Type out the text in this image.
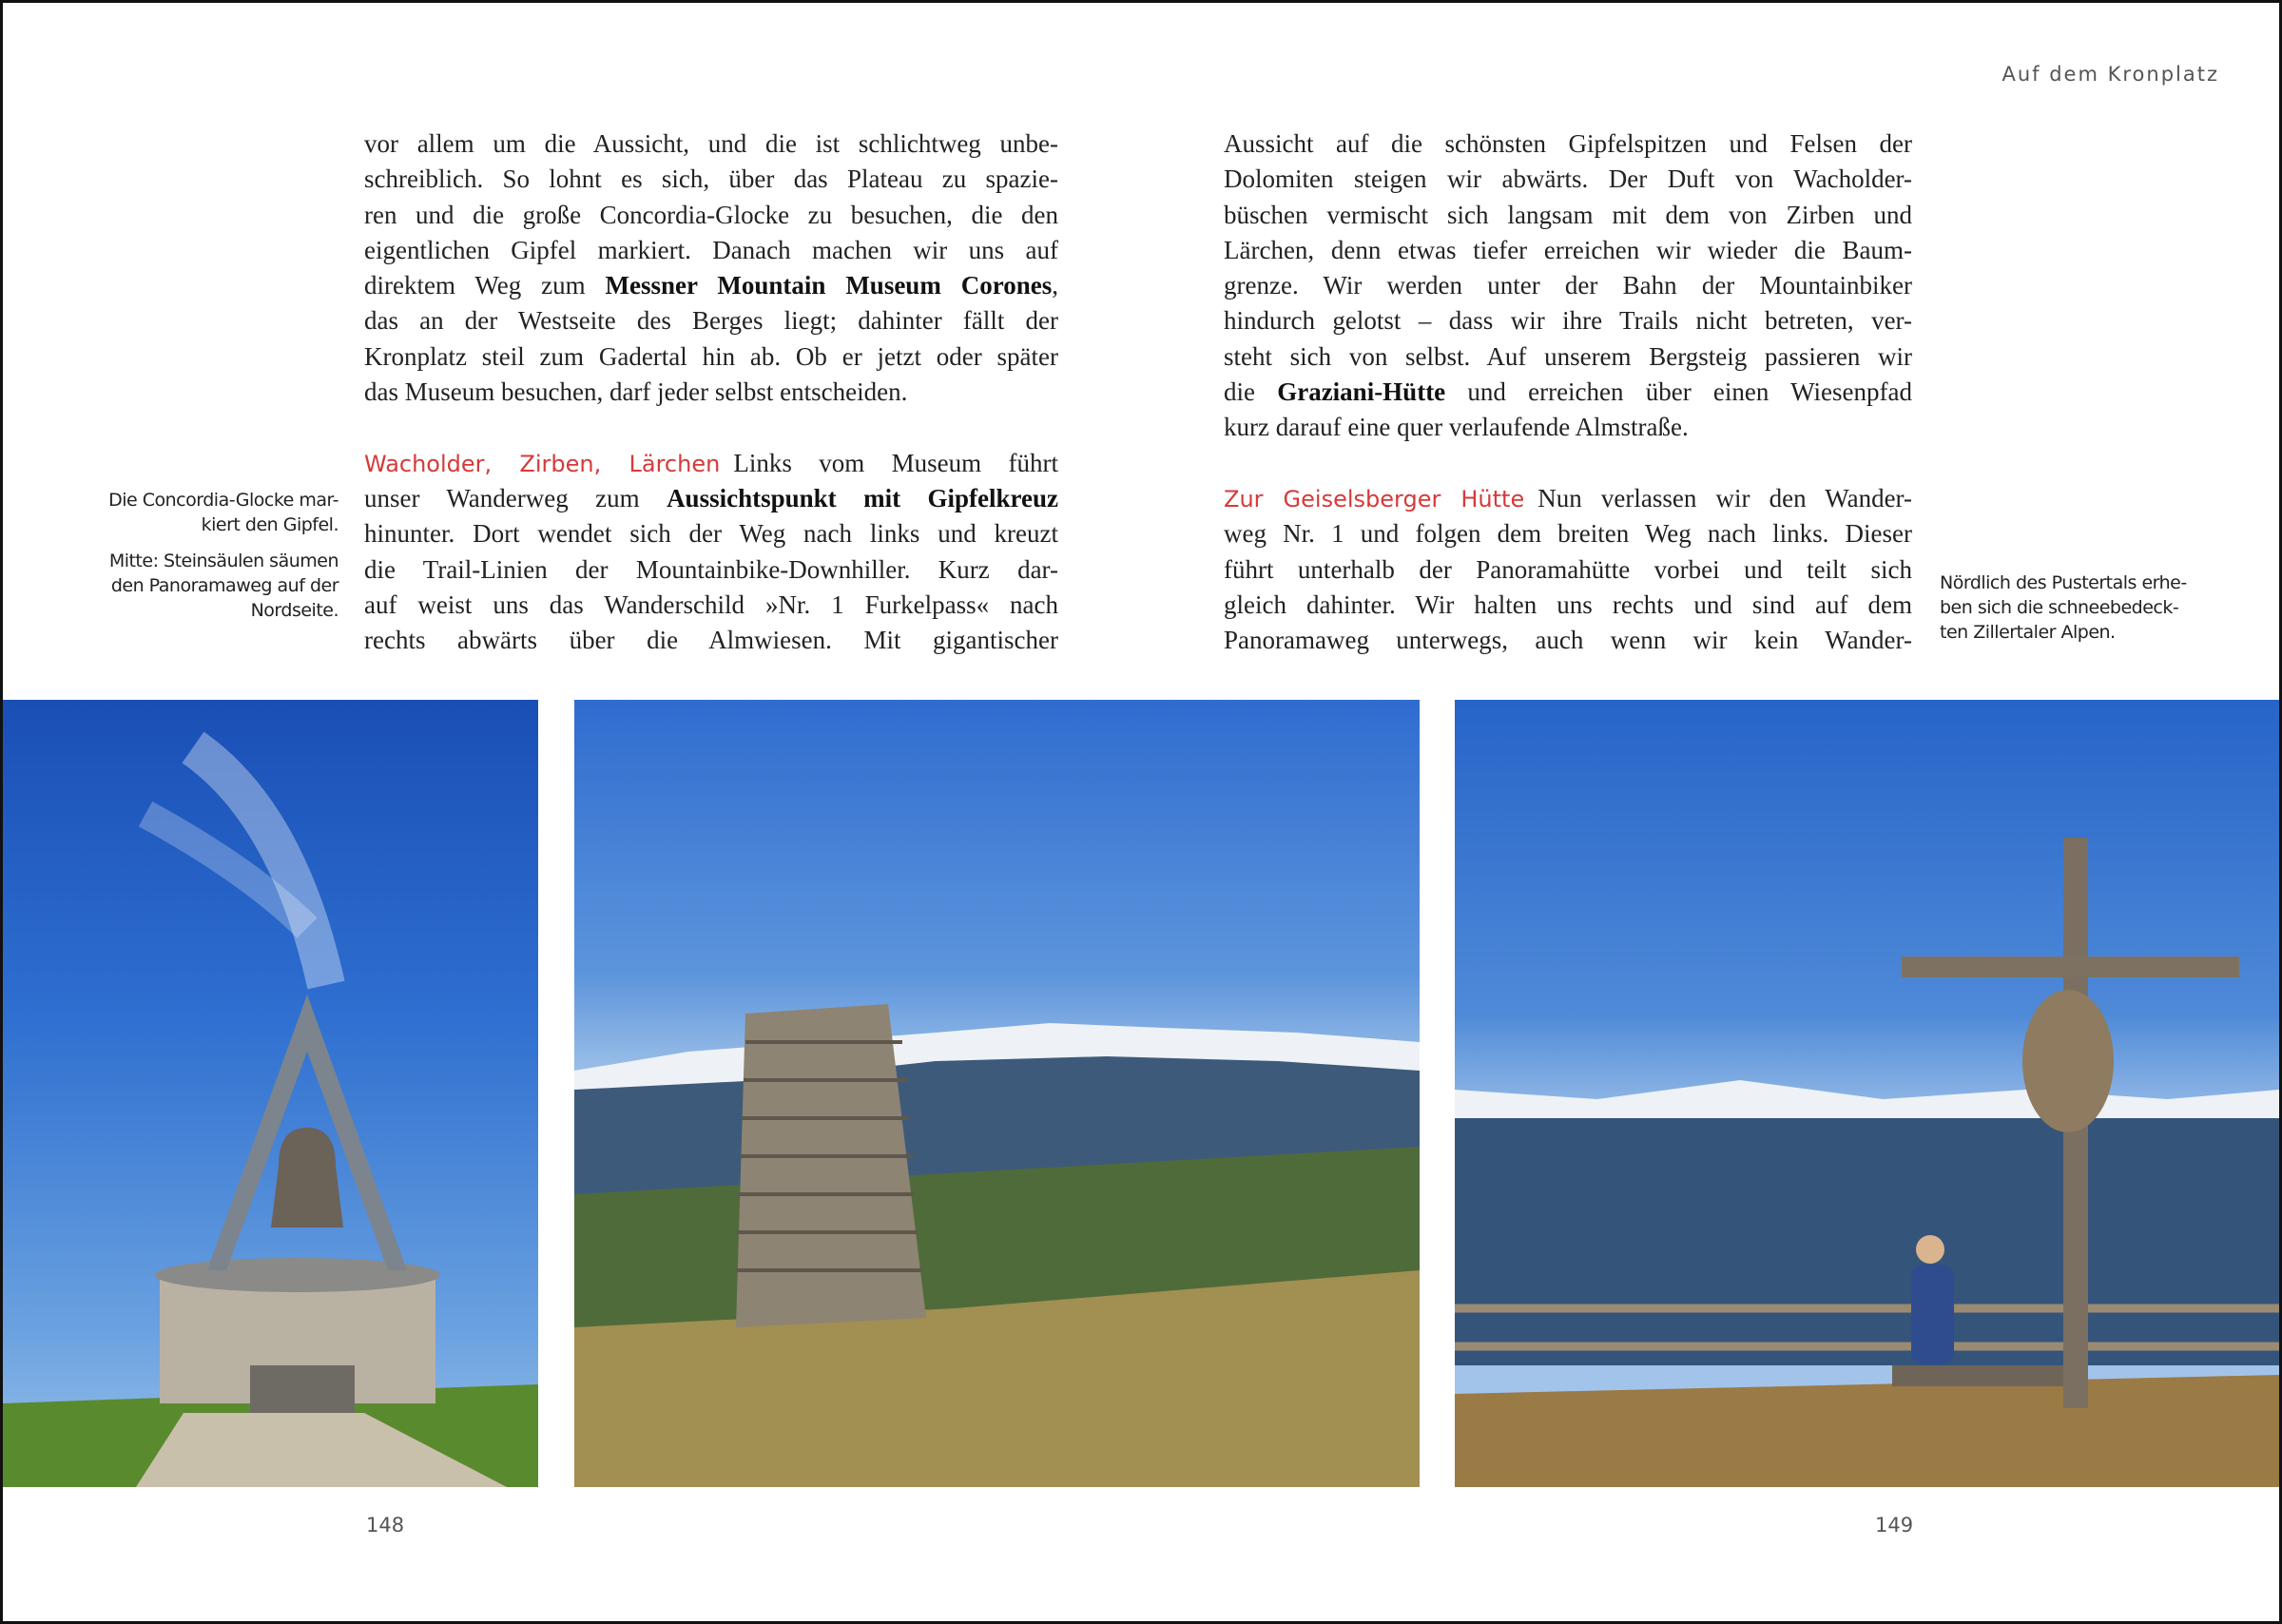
Auf dem Kronplatz
vor allem um die Aussicht, und die ist schlichtweg unbe-
schreiblich. So lohnt es sich, über das Plateau zu spazie-
ren und die große Concordia-Glocke zu besuchen, die den
eigentlichen Gipfel markiert. Danach machen wir uns auf
direktem Weg zum Messner Mountain Museum Corones,
das an der Westseite des Berges liegt; dahinter fällt der
Kronplatz steil zum Gadertal hin ab. Ob er jetzt oder später
das Museum besuchen, darf jeder selbst entscheiden.
Wacholder, Zirben, Lärchen Links vom Museum führt
unser Wanderweg zum Aussichtspunkt mit Gipfelkreuz
hinunter. Dort wendet sich der Weg nach links und kreuzt
die Trail-Linien der Mountainbike-Downhiller. Kurz dar-
auf weist uns das Wanderschild »Nr. 1 Furkelpass« nach
rechts abwärts über die Almwiesen. Mit gigantischer
Aussicht auf die schönsten Gipfelspitzen und Felsen der
Dolomiten steigen wir abwärts. Der Duft von Wacholder-
büschen vermischt sich langsam mit dem von Zirben und
Lärchen, denn etwas tiefer erreichen wir wieder die Baum-
grenze. Wir werden unter der Bahn der Mountainbiker
hindurch gelotst – dass wir ihre Trails nicht betreten, ver-
steht sich von selbst. Auf unserem Bergsteig passieren wir
die Graziani-Hütte und erreichen über einen Wiesenpfad
kurz darauf eine quer verlaufende Almstraße.
Zur Geiselsberger Hütte Nun verlassen wir den Wander-
weg Nr. 1 und folgen dem breiten Weg nach links. Dieser
führt unterhalb der Panoramahütte vorbei und teilt sich
gleich dahinter. Wir halten uns rechts und sind auf dem
Panoramaweg unterwegs, auch wenn wir kein Wander-

Die Concordia-Glocke mar-
kiert den Gipfel.

Mitte: Steinsäulen säumen
den Panoramaweg auf der
Nordseite.

Nördlich des Pustertals erhe-
ben sich die schneebedeck-
ten Zillertaler Alpen.
148	149
